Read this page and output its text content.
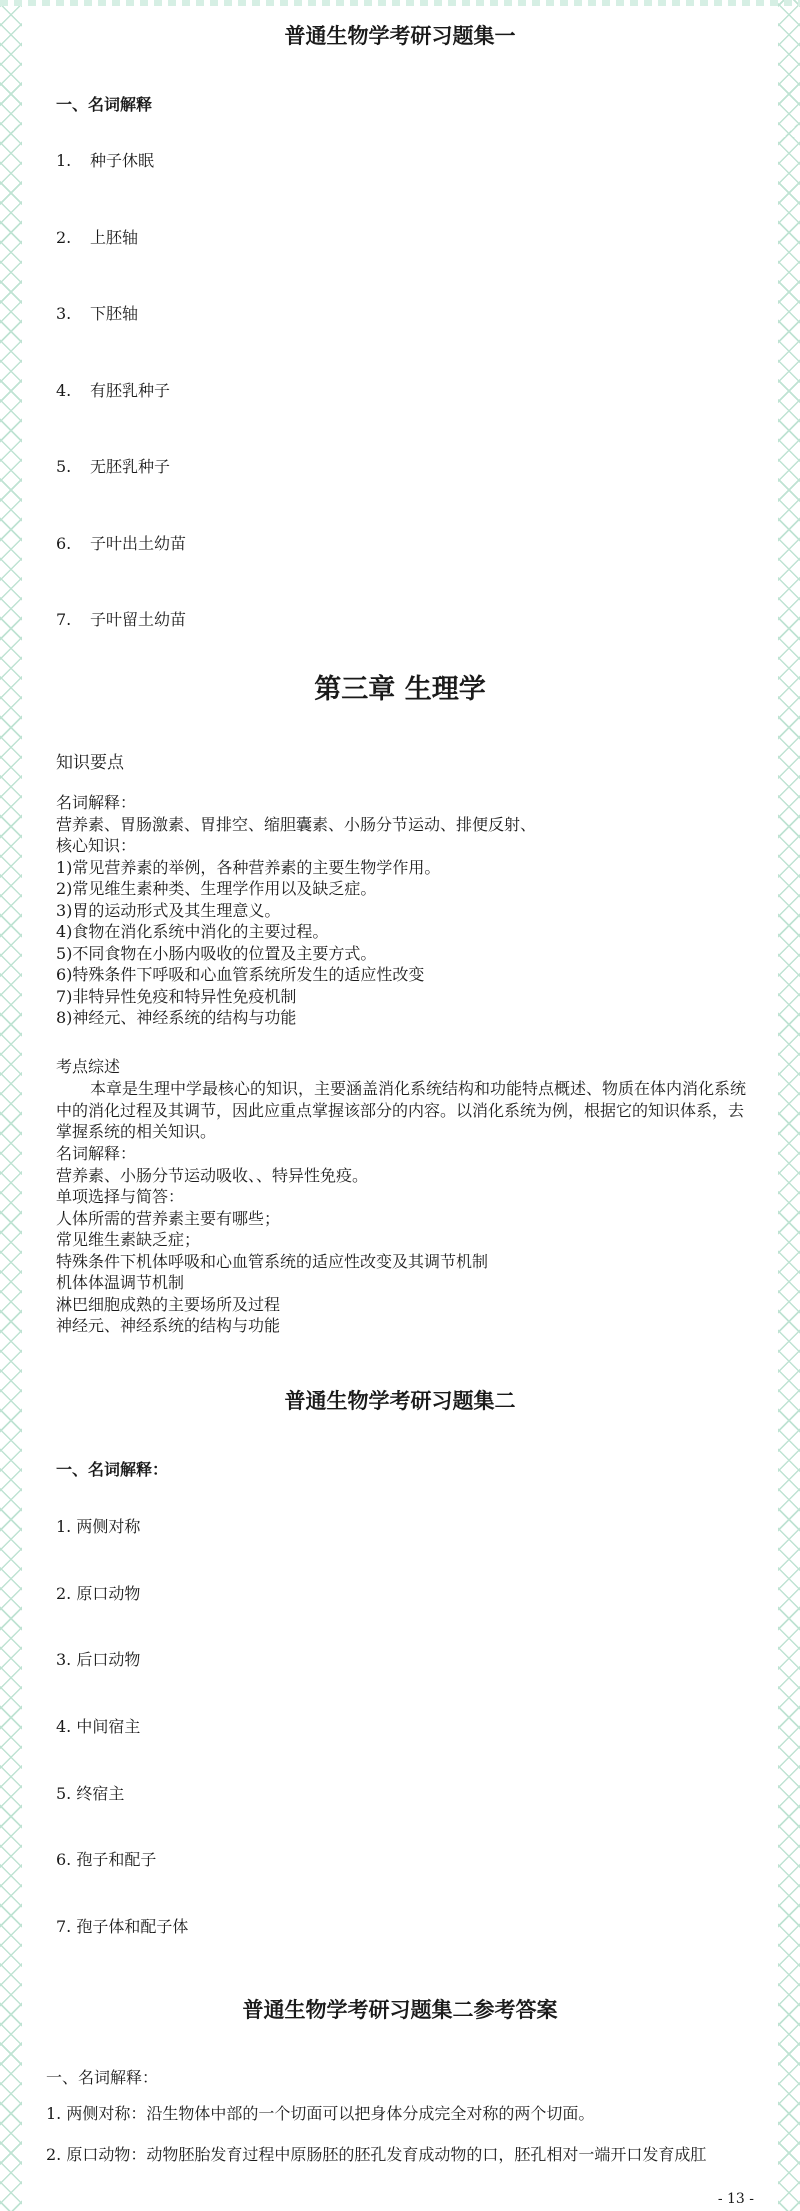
普通生物学考研习题集一
一、名词解释
1. 种子休眠
2. 上胚轴
3. 下胚轴
4. 有胚乳种子
5. 无胚乳种子
6. 子叶出土幼苗
7. 子叶留土幼苗
第三章 生理学
知识要点
名词解释：
营养素、胃肠激素、胃排空、缩胆囊素、小肠分节运动、排便反射、
核心知识：
1)常见营养素的举例，各种营养素的主要生物学作用。
2)常见维生素种类、生理学作用以及缺乏症。
3)胃的运动形式及其生理意义。
4)食物在消化系统中消化的主要过程。
5)不同食物在小肠内吸收的位置及主要方式。
6)特殊条件下呼吸和心血管系统所发生的适应性改变
7)非特异性免疫和特异性免疫机制
8)神经元、神经系统的结构与功能
考点综述
本章是生理中学最核心的知识，主要涵盖消化系统结构和功能特点概述、物质在体内消化系统中的消化过程及其调节，因此应重点掌握该部分的内容。以消化系统为例，根据它的知识体系，去掌握系统的相关知识。
名词解释：
营养素、小肠分节运动吸收、、特异性免疫。
单项选择与简答：
人体所需的营养素主要有哪些；
常见维生素缺乏症；
特殊条件下机体呼吸和心血管系统的适应性改变及其调节机制
机体体温调节机制
淋巴细胞成熟的主要场所及过程
神经元、神经系统的结构与功能
普通生物学考研习题集二
一、名词解释：
1. 两侧对称
2. 原口动物
3. 后口动物
4. 中间宿主
5. 终宿主
6. 孢子和配子
7. 孢子体和配子体
普通生物学考研习题集二参考答案
一、名词解释：
1. 两侧对称：沿生物体中部的一个切面可以把身体分成完全对称的两个切面。
2. 原口动物：动物胚胎发育过程中原肠胚的胚孔发育成动物的口，胚孔相对一端开口发育成肛
- 13 -
